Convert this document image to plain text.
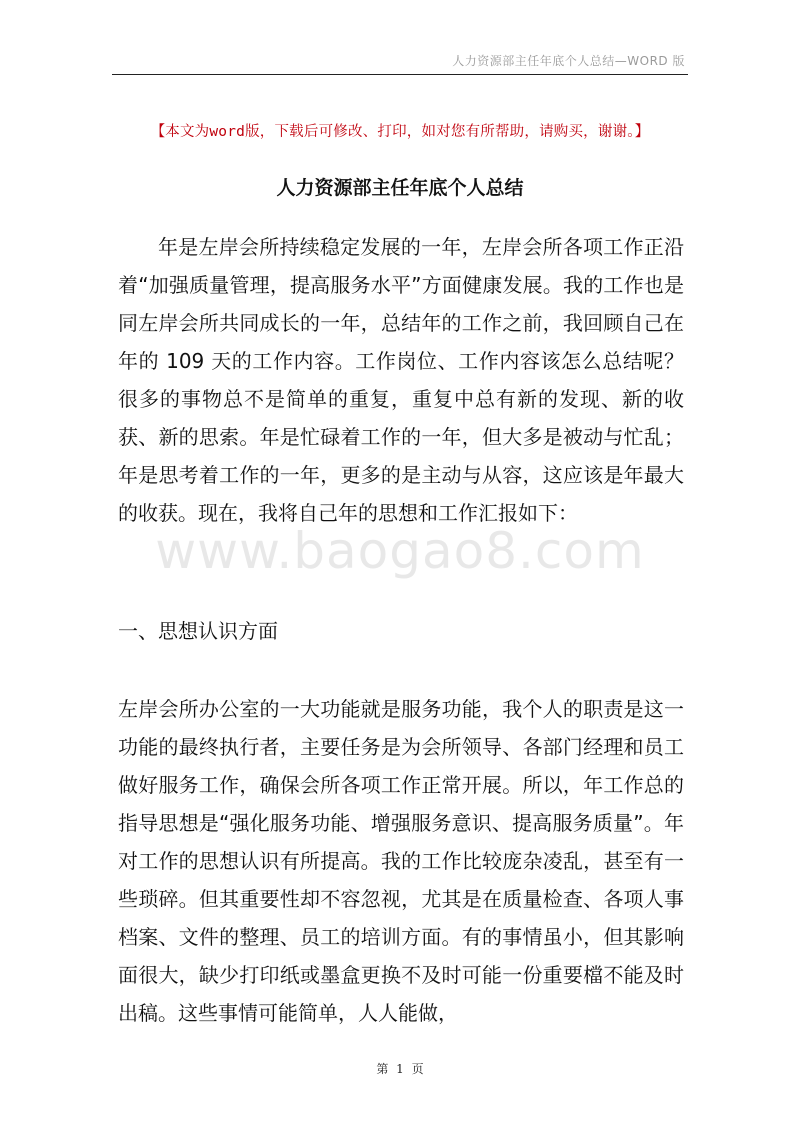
人力资源部主任年底个人总结—WORD 版
【本文为word版，下载后可修改、打印，如对您有所帮助，请购买，谢谢。】
人力资源部主任年底个人总结
年是左岸会所持续稳定发展的一年，左岸会所各项工作正沿着“加强质量管理，提高服务水平”方面健康发展。我的工作也是同左岸会所共同成长的一年，总结年的工作之前，我回顾自己在年的 109 天的工作内容。工作岗位、工作内容该怎么总结呢？很多的事物总不是简单的重复，重复中总有新的发现、新的收获、新的思索。年是忙碌着工作的一年，但大多是被动与忙乱；年是思考着工作的一年，更多的是主动与从容，这应该是年最大的收获。现在，我将自己年的思想和工作汇报如下：
www.baogao8.com
一、思想认识方面
左岸会所办公室的一大功能就是服务功能，我个人的职责是这一功能的最终执行者，主要任务是为会所领导、各部门经理和员工做好服务工作，确保会所各项工作正常开展。所以，年工作总的指导思想是“强化服务功能、增强服务意识、提高服务质量”。年对工作的思想认识有所提高。我的工作比较庞杂凌乱，甚至有一些琐碎。但其重要性却不容忽视，尤其是在质量检查、各项人事档案、文件的整理、员工的培训方面。有的事情虽小，但其影响面很大，缺少打印纸或墨盒更换不及时可能一份重要檔不能及时出稿。这些事情可能简单，人人能做，
第 1 页
